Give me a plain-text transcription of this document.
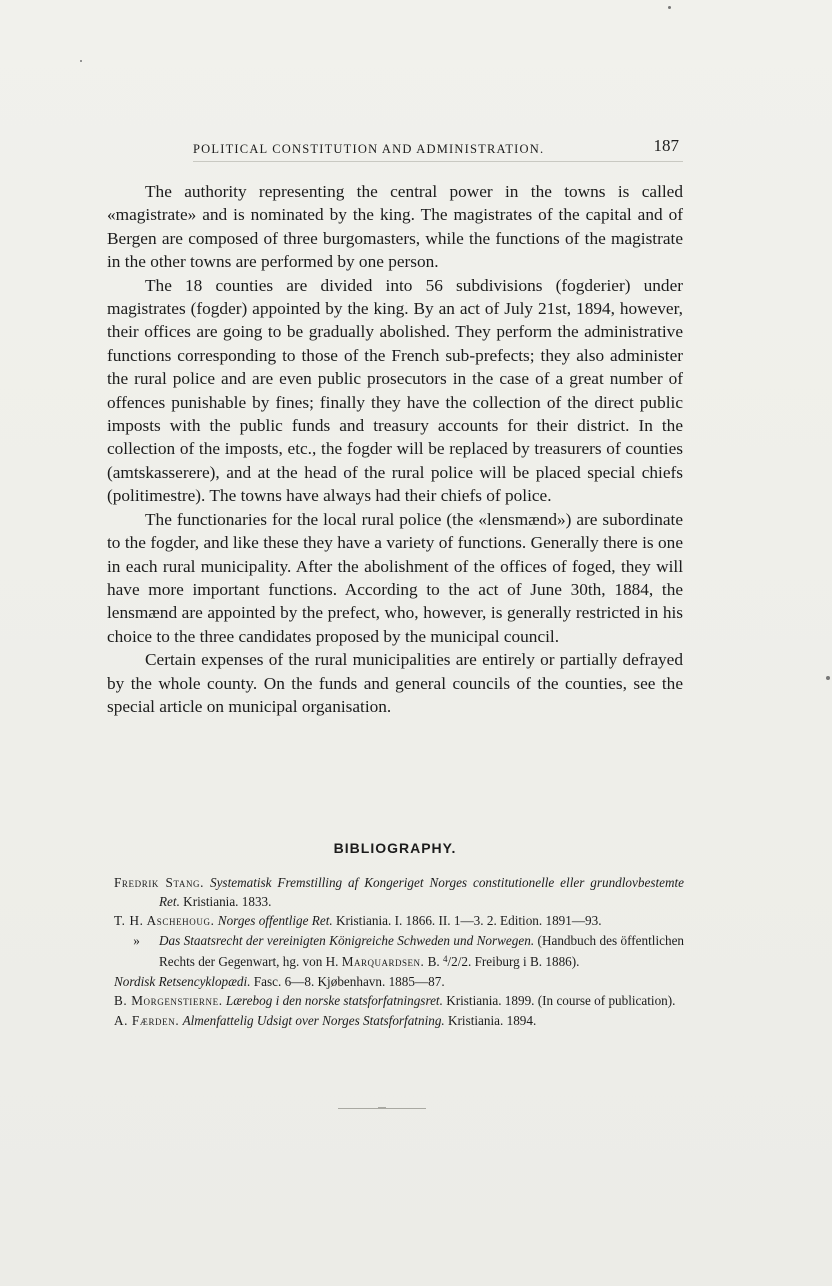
POLITICAL CONSTITUTION AND ADMINISTRATION.	187

The authority representing the central power in the towns is called «magistrate» and is nominated by the king. The magistrates of the capital and of Bergen are composed of three burgomasters, while the functions of the magistrate in the other towns are performed by one person.

The 18 counties are divided into 56 subdivisions (fogderier) under magistrates (fogder) appointed by the king. By an act of July 21st, 1894, however, their offices are going to be gradually abolished. They perform the administrative functions corresponding to those of the French sub-prefects; they also administer the rural police and are even public prosecutors in the case of a great number of offences punishable by fines; finally they have the collection of the direct public imposts with the public funds and treasury accounts for their district. In the collection of the imposts, etc., the fogder will be replaced by treasurers of counties (amtskasserere), and at the head of the rural police will be placed special chiefs (politimestre). The towns have always had their chiefs of police.

The functionaries for the local rural police (the «lensmænd») are subordinate to the fogder, and like these they have a variety of functions. Generally there is one in each rural municipality. After the abolishment of the offices of foged, they will have more important functions. According to the act of June 30th, 1884, the lensmænd are appointed by the prefect, who, however, is generally restricted in his choice to the three candidates proposed by the municipal council.

Certain expenses of the rural municipalities are entirely or partially defrayed by the whole county. On the funds and general councils of the counties, see the special article on municipal organisation.

BIBLIOGRAPHY.

Fredrik Stang. Systematisk Fremstilling af Kongeriget Norges constitutionelle eller grundlovbestemte Ret. Kristiania. 1833.

T. H. Aschehoug. Norges offentlige Ret. Kristiania. I. 1866. II. 1—3. 2. Edition. 1891—93.

» Das Staatsrecht der vereinigten Königreiche Schweden und Norwegen. (Handbuch des öffentlichen Rechts der Gegenwart, hg. von H. Marquardsen. B. $^4$/2/2. Freiburg i B. 1886).

Nordisk Retsencyklopædi. Fasc. 6—8. Kjøbenhavn. 1885—87.

B. Morgenstierne. Lærebog i den norske statsforfatningsret. Kristiania. 1899. (In course of publication).

A. Færden. Almenfattelig Udsigt over Norges Statsforfatning. Kristiania. 1894.
